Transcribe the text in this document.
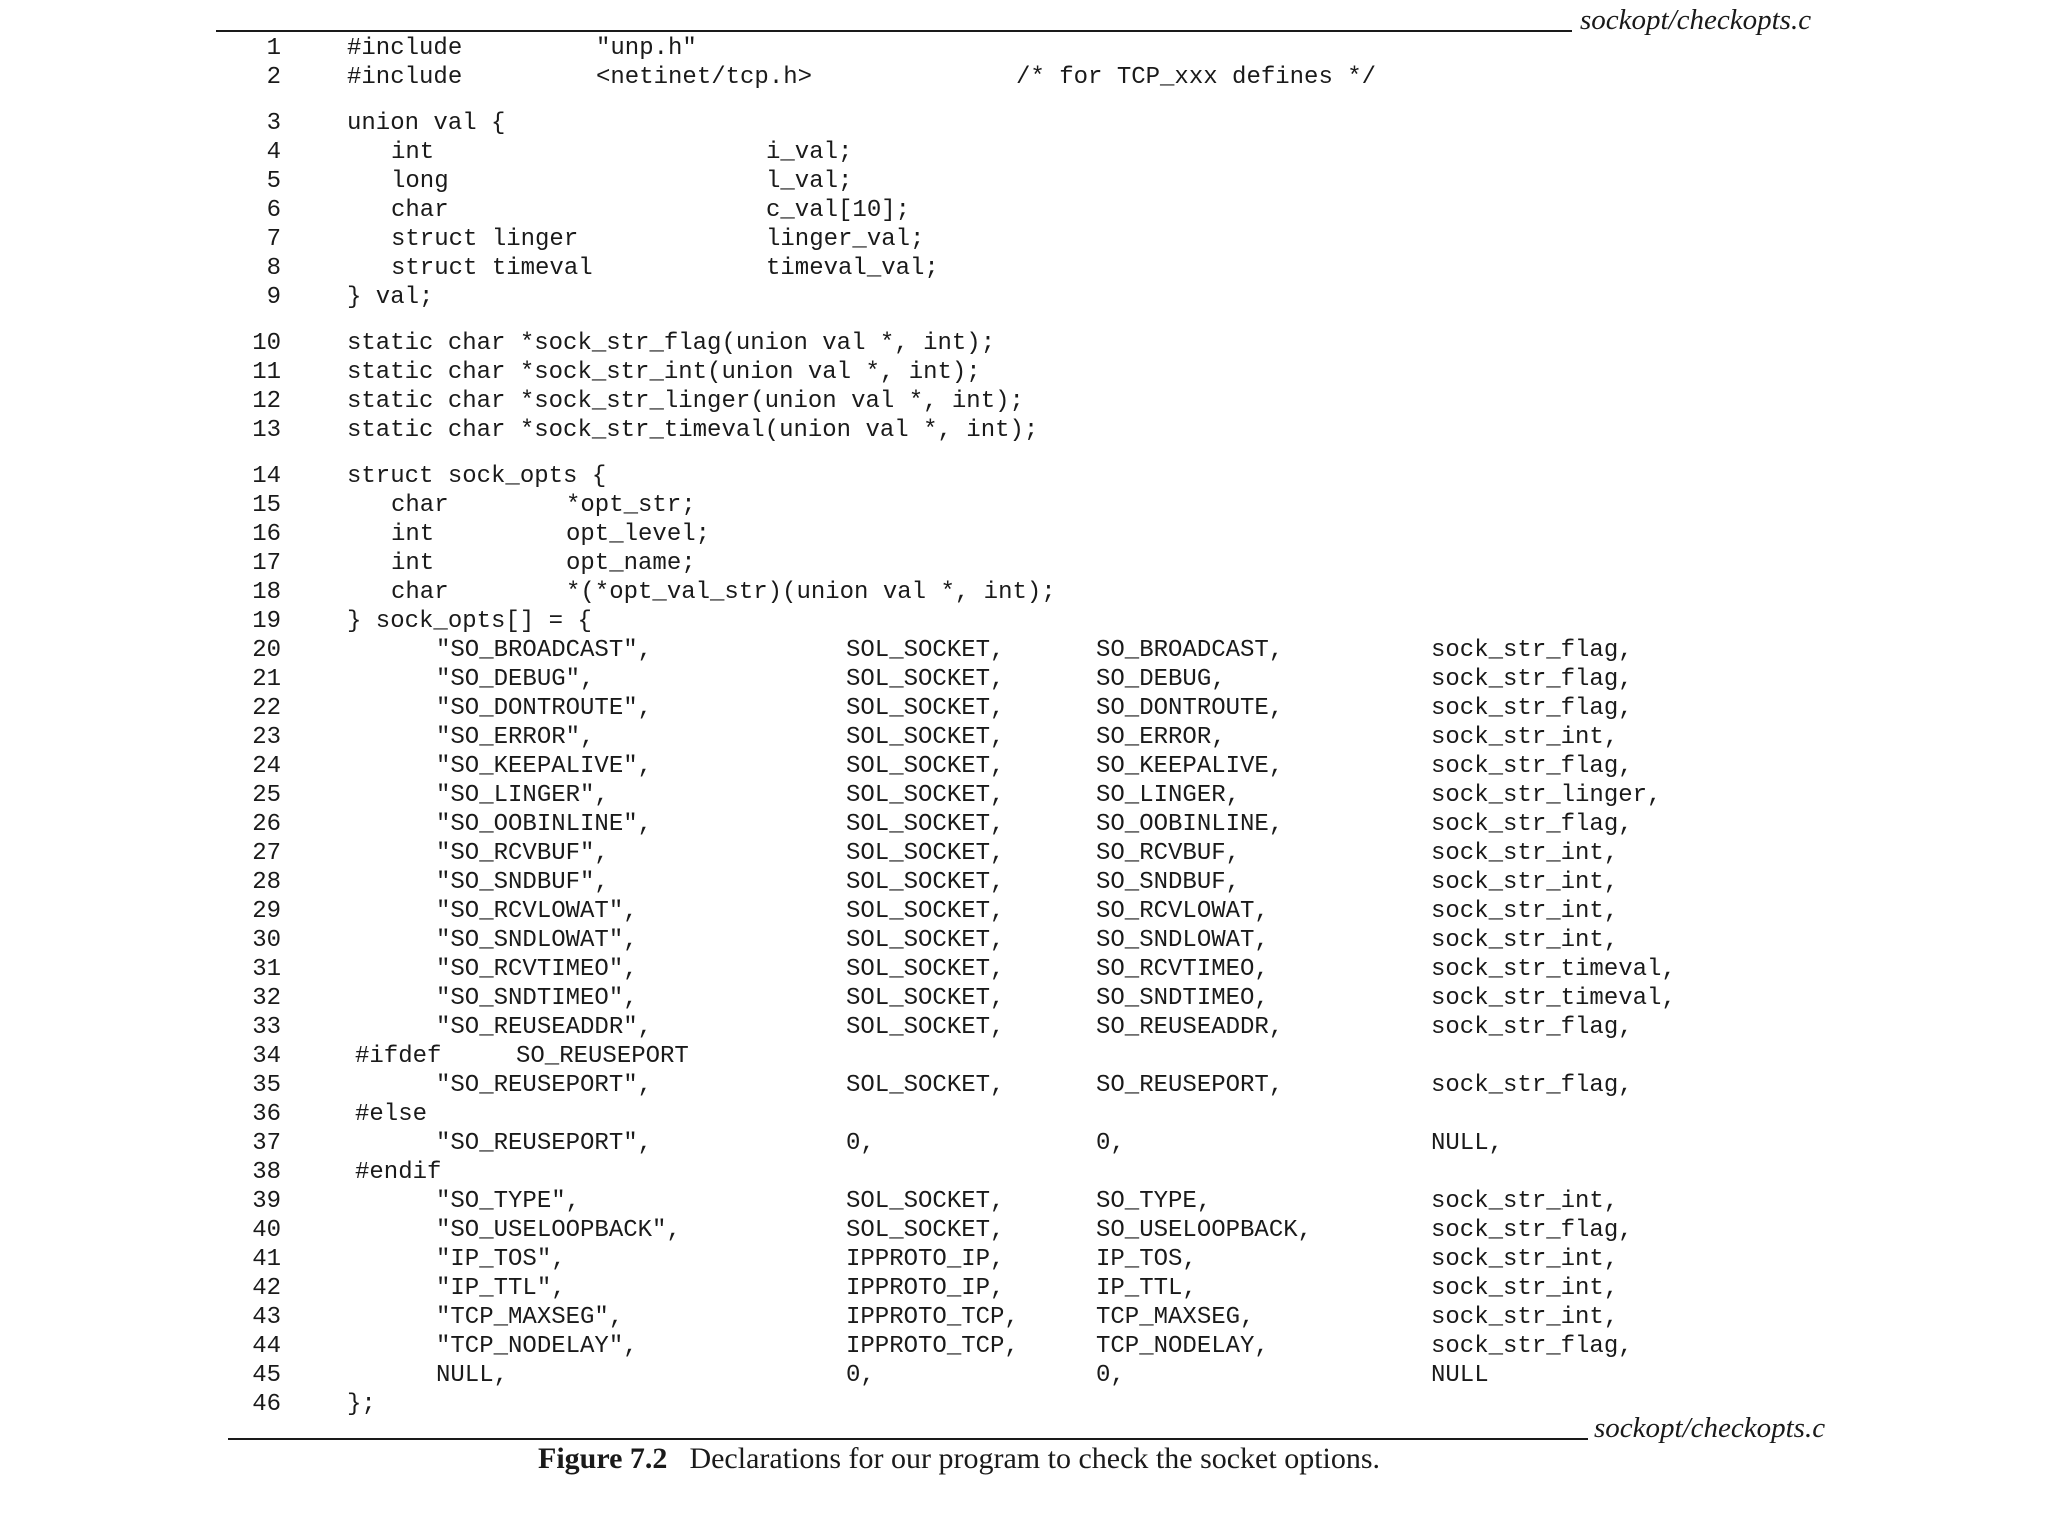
sockopt/checkopts.c
1	#include	"unp.h"
2	#include	<netinet/tcp.h>	/* for TCP_xxx defines */
3	union val {
4	int	i_val;
5	long	l_val;
6	char	c_val[10];
7	struct linger	linger_val;
8	struct timeval	timeval_val;
9	} val;
10	static char *sock_str_flag(union val *, int);
11	static char *sock_str_int(union val *, int);
12	static char *sock_str_linger(union val *, int);
13	static char *sock_str_timeval(union val *, int);
14	struct sock_opts {
15	char	*opt_str;
16	int	opt_level;
17	int	opt_name;
18	char	*(*opt_val_str)(union val *, int);
19	} sock_opts[] = {
20	"SO_BROADCAST",	SOL_SOCKET,	SO_BROADCAST,	sock_str_flag,
21	"SO_DEBUG",	SOL_SOCKET,	SO_DEBUG,	sock_str_flag,
22	"SO_DONTROUTE",	SOL_SOCKET,	SO_DONTROUTE,	sock_str_flag,
23	"SO_ERROR",	SOL_SOCKET,	SO_ERROR,	sock_str_int,
24	"SO_KEEPALIVE",	SOL_SOCKET,	SO_KEEPALIVE,	sock_str_flag,
25	"SO_LINGER",	SOL_SOCKET,	SO_LINGER,	sock_str_linger,
26	"SO_OOBINLINE",	SOL_SOCKET,	SO_OOBINLINE,	sock_str_flag,
27	"SO_RCVBUF",	SOL_SOCKET,	SO_RCVBUF,	sock_str_int,
28	"SO_SNDBUF",	SOL_SOCKET,	SO_SNDBUF,	sock_str_int,
29	"SO_RCVLOWAT",	SOL_SOCKET,	SO_RCVLOWAT,	sock_str_int,
30	"SO_SNDLOWAT",	SOL_SOCKET,	SO_SNDLOWAT,	sock_str_int,
31	"SO_RCVTIMEO",	SOL_SOCKET,	SO_RCVTIMEO,	sock_str_timeval,
32	"SO_SNDTIMEO",	SOL_SOCKET,	SO_SNDTIMEO,	sock_str_timeval,
33	"SO_REUSEADDR",	SOL_SOCKET,	SO_REUSEADDR,	sock_str_flag,
34	#ifdef	SO_REUSEPORT
35	"SO_REUSEPORT",	SOL_SOCKET,	SO_REUSEPORT,	sock_str_flag,
36	#else
37	"SO_REUSEPORT",	0,	0,	NULL,
38	#endif
39	"SO_TYPE",	SOL_SOCKET,	SO_TYPE,	sock_str_int,
40	"SO_USELOOPBACK",	SOL_SOCKET,	SO_USELOOPBACK,	sock_str_flag,
41	"IP_TOS",	IPPROTO_IP,	IP_TOS,	sock_str_int,
42	"IP_TTL",	IPPROTO_IP,	IP_TTL,	sock_str_int,
43	"TCP_MAXSEG",	IPPROTO_TCP,	TCP_MAXSEG,	sock_str_int,
44	"TCP_NODELAY",	IPPROTO_TCP,	TCP_NODELAY,	sock_str_flag,
45	NULL,	0,	0,	NULL
46	};
sockopt/checkopts.c
Figure 7.2 Declarations for our program to check the socket options.
